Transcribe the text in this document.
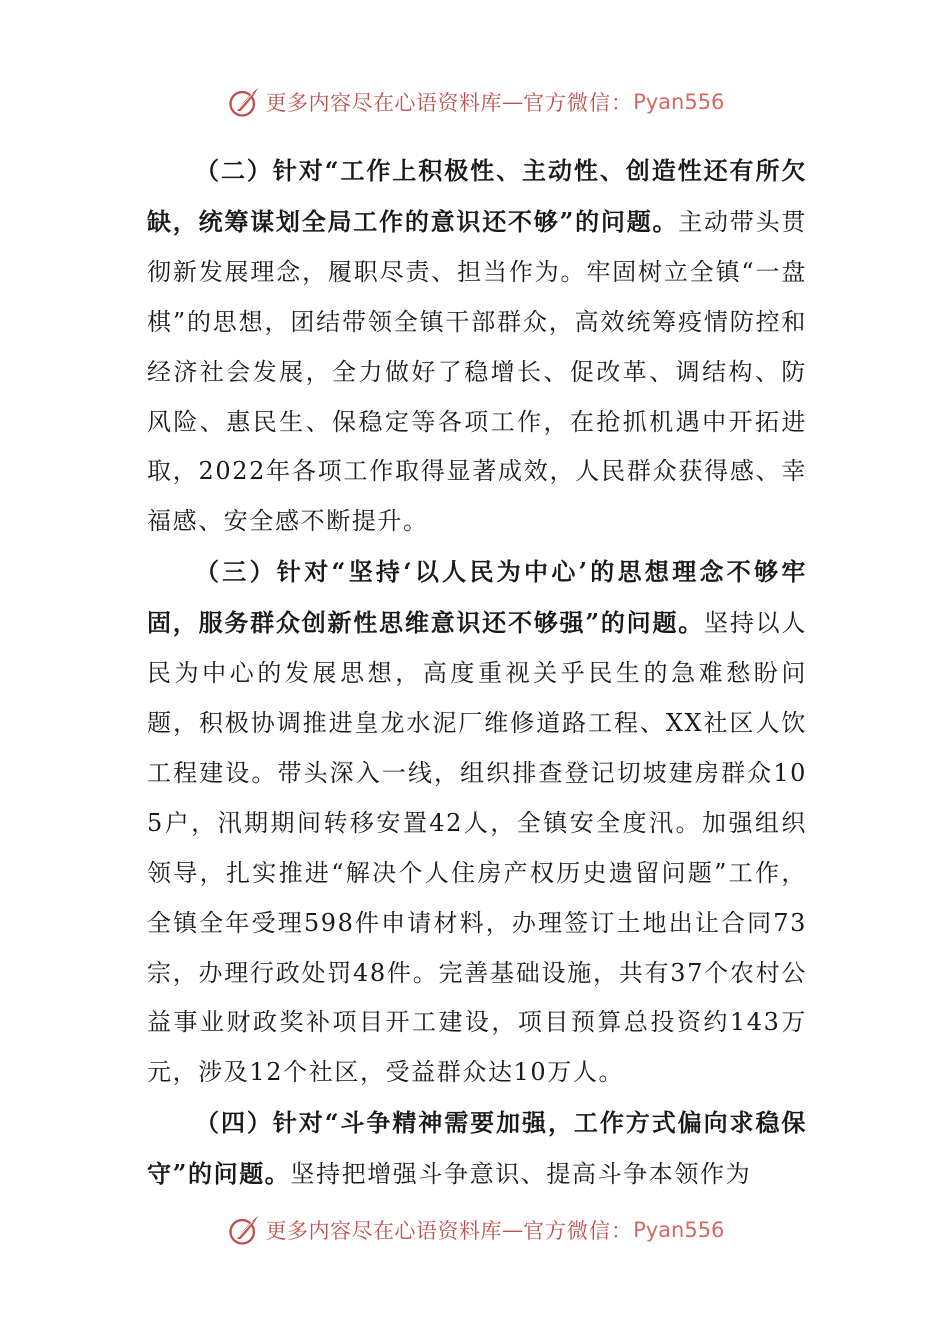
更多内容尽在心语资料库 — 官方微信： Pyan556

（二）针对“工作上积极性、主动性、创造性还有所欠缺，统筹谋划全局工作的意识还不够”的问题。主动带头贯彻新发展理念，履职尽责、担当作为。牢固树立全镇“一盘棋”的思想，团结带领全镇干部群众，高效统筹疫情防控和经济社会发展，全力做好了稳增长、促改革、调结构、防风险、惠民生、保稳定等各项工作，在抢抓机遇中开拓进取，2022年各项工作取得显著成效，人民群众获得感、幸福感、安全感不断提升。

（三）针对“坚持‘以人民为中心’的思想理念不够牢固，服务群众创新性思维意识还不够强”的问题。坚持以人民为中心的发展思想，高度重视关乎民生的急难愁盼问题，积极协调推进皇龙水泥厂维修道路工程、XX社区人饮工程建设。带头深入一线，组织排查登记切坡建房群众105户，汛期期间转移安置42人，全镇安全度汛。加强组织领导，扎实推进“解决个人住房产权历史遗留问题”工作，全镇全年受理598件申请材料，办理签订土地出让合同73宗，办理行政处罚48件。完善基础设施，共有37个农村公益事业财政奖补项目开工建设，项目预算总投资约143万元，涉及12个社区，受益群众达10万人。

（四）针对“斗争精神需要加强，工作方式偏向求稳保守”的问题。坚持把增强斗争意识、提高斗争本领作为

更多内容尽在心语资料库 — 官方微信： Pyan556
